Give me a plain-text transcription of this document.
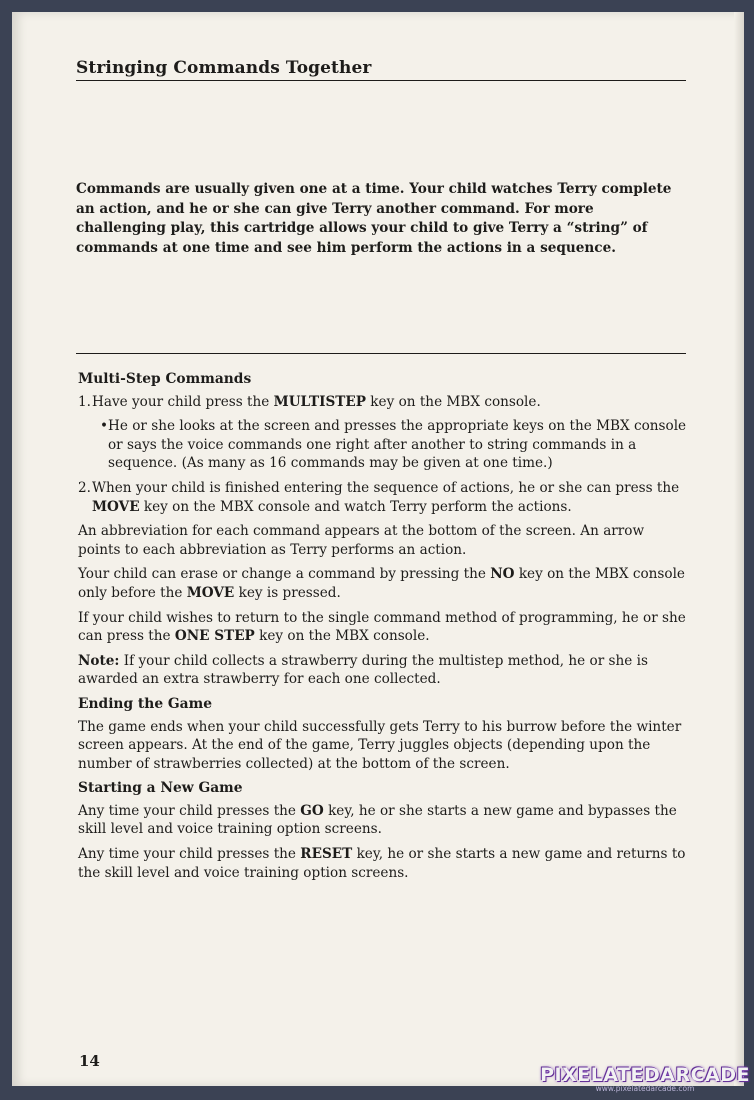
Stringing Commands Together
Commands are usually given one at a time. Your child watches Terry complete an action, and he or she can give Terry another command. For more challenging play, this cartridge allows your child to give Terry a “string” of commands at one time and see him perform the actions in a sequence.
Multi-Step Commands
1. Have your child press the MULTISTEP key on the MBX console.
• He or she looks at the screen and presses the appropriate keys on the MBX console or says the voice commands one right after another to string commands in a sequence. (As many as 16 commands may be given at one time.)
2. When your child is finished entering the sequence of actions, he or she can press the MOVE key on the MBX console and watch Terry perform the actions.

An abbreviation for each command appears at the bottom of the screen. An arrow points to each abbreviation as Terry performs an action.

Your child can erase or change a command by pressing the NO key on the MBX console only before the MOVE key is pressed.

If your child wishes to return to the single command method of programming, he or she can press the ONE STEP key on the MBX console.

Note: If your child collects a strawberry during the multistep method, he or she is awarded an extra strawberry for each one collected.

Ending the Game

The game ends when your child successfully gets Terry to his burrow before the winter screen appears. At the end of the game, Terry juggles objects (depending upon the number of strawberries collected) at the bottom of the screen.

Starting a New Game

Any time your child presses the GO key, he or she starts a new game and bypasses the skill level and voice training option screens.

Any time your child presses the RESET key, he or she starts a new game and returns to the skill level and voice training option screens.

14
PIXELATEDARCADE
www.pixelatedarcade.com
